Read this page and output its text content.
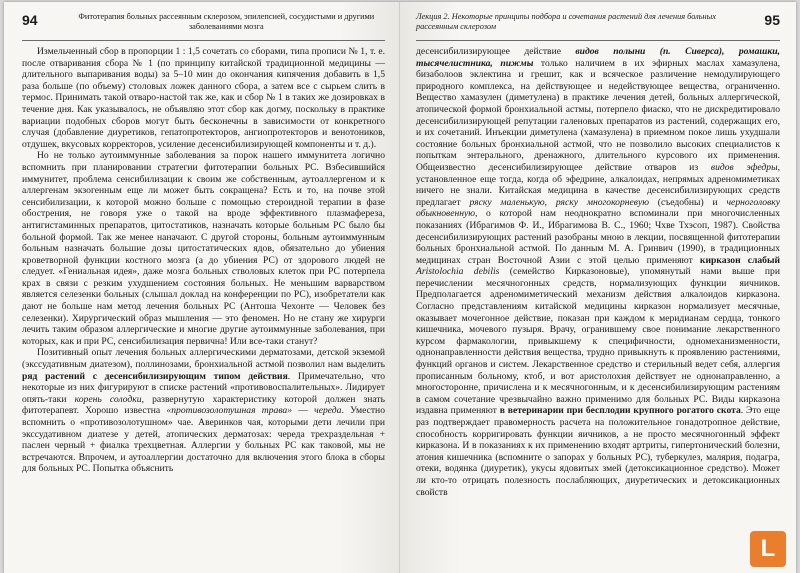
94	Фитотерапия больных рассеянным склерозом, эпилепсией, сосудистыми и другими заболеваниями мозга

Измельченный сбор в пропорции 1 : 1,5 сочетать со сборами, типа прописи № 1, т. е. после отваривания сбора № 1 (по принципу китайской традиционной медицины — длительного выпаривания воды) за 5–10 мин до окончания кипячения добавить в 1,5 раза больше (по объему) столовых ложек данного сбора, а затем все с сырьем слить в термос. Принимать такой отваро-настой так же, как и сбор № 1 в таких же дозировках в течение дня. Как указывалось, не объявляю этот сбор как догму, поскольку в практике вариации подобных сборов могут быть бесконечны в зависимости от конкретного случая (добавление диуретиков, гепатопротекторов, ангиопротекторов и венотоников, отдушек, вкусовых корректоров, усиление десенсибилизирующей компоненты и т. д.).

Но не только аутоиммунные заболевания за порок нашего иммунитета логично вспомнить при планировании стратегии фитотерапии больных РС. Взбесившийся иммунитет, проблема сенсибилизации к своим же собственным, аутоаллергеном и к аллергенам экзогенным еще ли может быть сокращена? Есть и то, на почве этой сенсибилизации, к которой можно больше с помощью стероидной терапии в фазе обострения, не говоря уже о такой на вроде эффективного плазмафереза, антигистаминных препаратов, цитостатиков, назначать которые больным РС было бы больной формой. Так же менее наначают. С другой стороны, больным аутоиммунным больным назначать большие дозы цитостатических ядов, обязательно до убиения кроветворной функции костного мозга (а до убиения РС) от здорового людей не следует. «Гениальная идея», даже мозга больных стволовых клеток при РС потерпела крах в связи с резким ухудшением состояния больных. Не меньшим варварством является селезенки больных (слышал доклад на конференции по РС), изобретатели как дают не больше нам метод лечения больных РС (Антоша Чехонте — Человек без селезенки). Хирургический образ мышления — это феномен. Но не стану же хирурги лечить таким образом аллергические и многие другие аутоиммунные заболевания, при которых, как и при РС, сенсибилизация первична! Или все-таки станут?

Позитивный опыт лечения больных аллергическими дерматозами, детской экземой (экссудативным диатезом), поллинозами, бронхиальной астмой позволил нам выделить ряд растений с десенсибилизирующим типом действия. Примечательно, что некоторые из них фигурируют в списке растений «противовоспалительных». Лидирует опять-таки корень солодки, развернутую характеристику которой должен знать фитотерапевт. Хорошо известна «противозолотушная трава» — череда. Уместно вспомнить о «противозолотушном» чае. Аверинков чая, которыми дети лечили при экссудативном диатезе у детей, атопических дерматозах: череда трехраздельная + паслен черный + фиалка трехцветная. Аллергии у больных РС как таковой, мы не встречаются. Впрочем, и аутоаллергии достаточно для включения этого блока в сборы для больных РС. Попытка объяснить

Лекция 2. Некоторые принципы подбора и сочетания растений для лечения больных рассеянным склерозом	95

десенсибилизирующее действие видов полыни (п. Сиверса), ромашки, тысячелистника, пижмы только наличием в их эфирных маслах хамазулена, бизаболоов эклектина и грешит, как и всяческое различение немодулирующего природного комплекса, на действующее и недействующее вещества, ограниченно. Вещество хамазулен (диметулена) в практике лечения детей, больных аллергической, атопической формой бронхиальной астмы, потерпело фиаско, что не дискредитировало десенсибилизирующей репутации галеновых препаратов из растений, содержащих его, и их сочетаний. Инъекции диметулена (хамазулена) в приемном покое лишь ухудшали состояние больных бронхиальной астмой, что не позволило высоких специалистов к попыткам энтерального, дренажного, длительного курсового их применения. Общеизвестно десенсибилизирующее действие отваров из видов эфедры, установленное еще тогда, когда об эфедрине, алкалоидах, непрямых адреномиметиках ничего не знали. Китайская медицина в качестве десенсибилизирующих средств предлагает ряску маленькую, ряску многокорневую (съедобны) и черноголовку обыкновенную, о которой нам неоднократно вспоминали при многочисленных показаниях (Ибрагимов Ф. И., Ибрагимова В. С., 1960; Чхве Тхэсоп, 1987). Свойства десенсибилизирующих растений разобраны мною в лекции, посвященной фитотерапии больных бронхиальной астмой. По данным М. А. Гринвич (1990), в традиционных медицинах стран Восточной Азии с этой целью применяют кирказон слабый Aristolochia debilis (семейство Кирказоновые), упомянутый нами выше при перечислении месячногонных средств, нормализующих функции яичников. Предполагается адреномиметический механизм действия алкалоидов кирказона. Согласно представлениям китайской медицины кирказон нормализует месячные, оказывает мочегонное действие, показан при каждом к меридианам сердца, тонкого кишечника, мочевого пузыря. Врачу, огранившему свое понимание лекарственного курсом фармакологии, привыкшему к специфичности, одномеханизменности, однонаправленности действия вещества, трудно привыкнуть к проявлению растениями, функций органов и систем. Лекарственное средство и стерильный ведет себя, аллергия прописанным больному, ктоб, и вот аристолохия действует не однонаправленно, а многосторонне, причислена и к месячногонным, и к десенсибилизирующим растениям в самом сочетание чрезвычайно важно применимо для больных РС. Виды кирказона издавна применяют в ветеринарии при бесплодии крупного рогатого скота. Это еще раз подтверждает правомерность расчета на положительное гонадотропное действие, способность корригировать функции яичников, а не просто месячногонный эффект кирказона. И в показаниях к их применению входят артриты, гипертонический болезни, атония кишечника (вспомните о запорах у больных РС), туберкулез, малярия, подагра, отеки, водянка (диуретик), укусы ядовитых змей (детоксикационное средство). Может ли кто-то отрицать полезность послабляющих, диуретических и детоксикационных свойств

L
